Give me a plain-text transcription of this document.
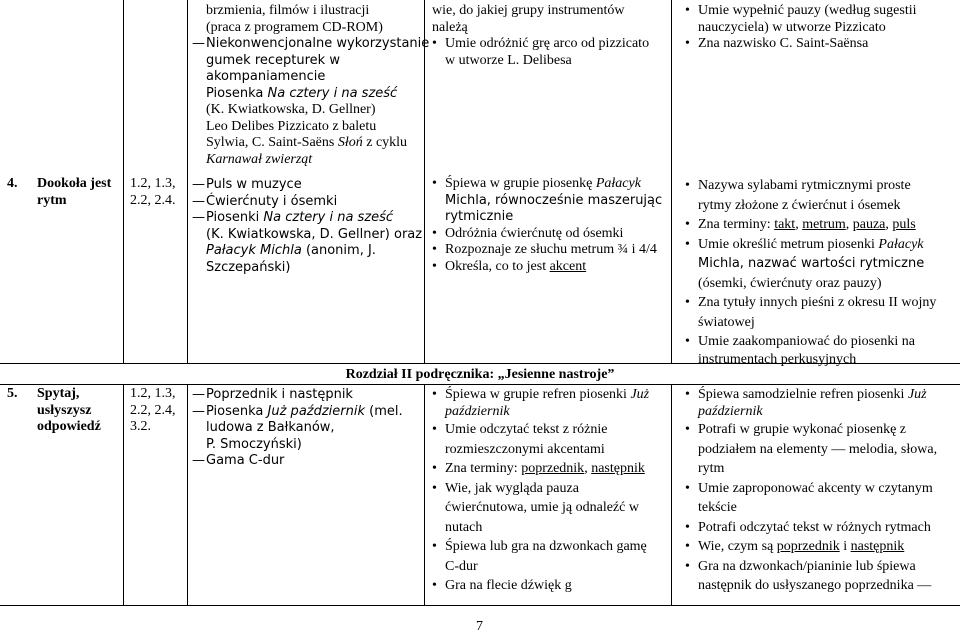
brzmienia, filmów i ilustracji
(praca z programem CD-ROM)
— Niekonwencjonalne wykorzystanie
gumek recepturek w
akompaniamencie
Piosenka Na cztery i na sześć
(K. Kwiatkowska, D. Gellner)
Leo Delibes Pizzicato z baletu
Sylwia, C. Saint-Saëns Słoń z cyklu
Karnawał zwierząt
wie, do jakiej grupy instrumentów
należą
• Umie odróżnić grę arco od pizzicato
w utworze L. Delibesa
• Umie wypełnić pauzy (według sugestii
nauczyciela) w utworze Pizzicato
• Zna nazwisko C. Saint-Saënsa
4. Dookoła jest
rytm
1.2, 1.3,
2.2, 2.4.
— Puls w muzyce
— Ćwierćnuty i ósemki
— Piosenki Na cztery i na sześć
(K. Kwiatkowska, D. Gellner) oraz
Pałacyk Michla (anonim, J.
Szczepański)
• Śpiewa w grupie piosenkę Pałacyk
Michla, równocześnie maszerując
rytmicznie
• Odróżnia ćwierćnutę od ósemki
• Rozpoznaje ze słuchu metrum ¾ i 4/4
• Określa, co to jest akcent
• Nazywa sylabami rytmicznymi proste
rytmy złożone z ćwierćnut i ósemek
• Zna terminy: takt, metrum, pauza, puls
• Umie określić metrum piosenki Pałacyk
Michla, nazwać wartości rytmiczne
(ósemki, ćwierćnuty oraz pauzy)
• Zna tytuły innych pieśni z okresu II wojny
światowej
• Umie zaakompaniować do piosenki na
instrumentach perkusyjnych
Rozdział II podręcznika: „Jesienne nastroje”
5. Spytaj,
usłyszysz
odpowiedź
1.2, 1.3,
2.2, 2.4,
3.2.
— Poprzednik i następnik
— Piosenka Już październik (mel.
ludowa z Bałkanów,
P. Smoczyński)
— Gama C-dur
• Śpiewa w grupie refren piosenki Już
październik
• Umie odczytać tekst z różnie
rozmieszczonymi akcentami
• Zna terminy: poprzednik, następnik
• Wie, jak wygląda pauza
ćwierćnutowa, umie ją odnaleźć w
nutach
• Śpiewa lub gra na dzwonkach gamę
C-dur
• Gra na flecie dźwięk g
• Śpiewa samodzielnie refren piosenki Już
październik
• Potrafi w grupie wykonać piosenkę z
podziałem na elementy — melodia, słowa,
rytm
• Umie zaproponować akcenty w czytanym
tekście
• Potrafi odczytać tekst w różnych rytmach
• Wie, czym są poprzednik i następnik
• Gra na dzwonkach/pianinie lub śpiewa
następnik do usłyszanego poprzednika —
7
